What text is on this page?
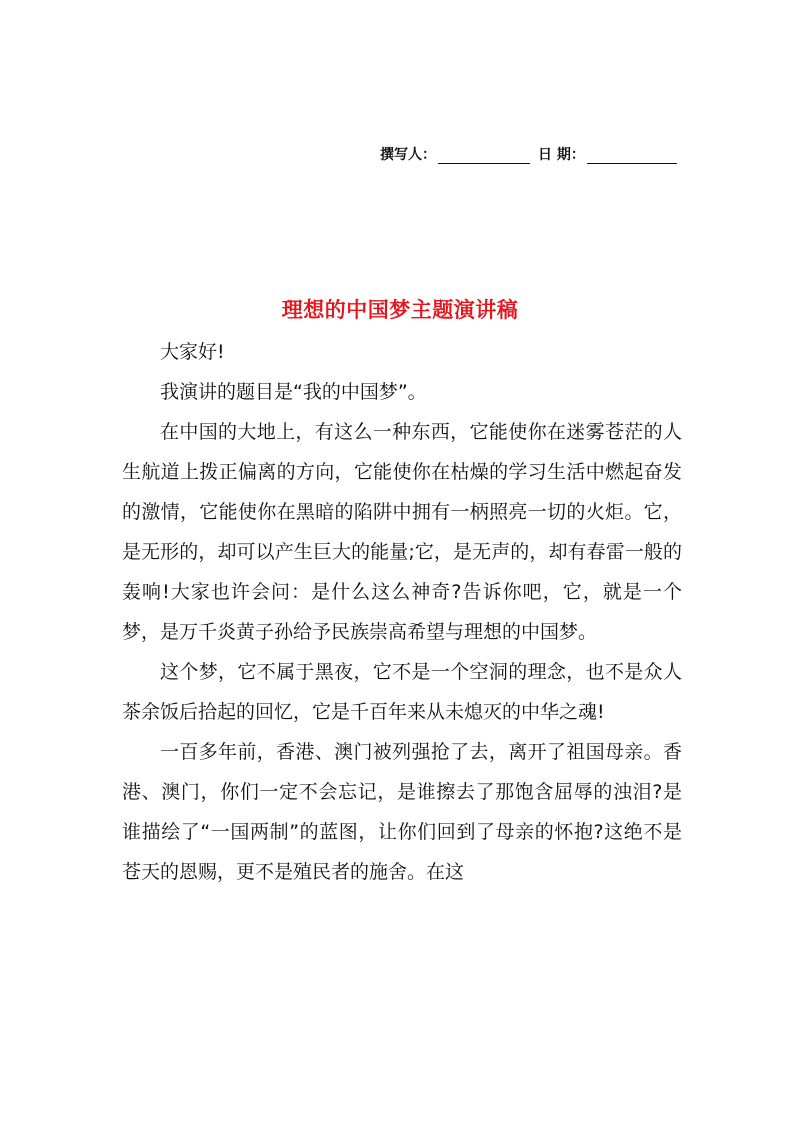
撰写人：	日 期：
理想的中国梦主题演讲稿

大家好!

我演讲的题目是“我的中国梦”。

在中国的大地上，有这么一种东西，它能使你在迷雾苍茫的人生航道上拨正偏离的方向，它能使你在枯燥的学习生活中燃起奋发的激情，它能使你在黑暗的陷阱中拥有一柄照亮一切的火炬。它，是无形的，却可以产生巨大的能量;它，是无声的，却有春雷一般的轰响!大家也许会问：是什么这么神奇?告诉你吧，它，就是一个梦，是万千炎黄子孙给予民族崇高希望与理想的中国梦。

这个梦，它不属于黑夜，它不是一个空洞的理念，也不是众人茶余饭后拾起的回忆，它是千百年来从未熄灭的中华之魂!

一百多年前，香港、澳门被列强抢了去，离开了祖国母亲。香港、澳门，你们一定不会忘记，是谁擦去了那饱含屈辱的浊泪?是谁描绘了“一国两制”的蓝图，让你们回到了母亲的怀抱?这绝不是苍天的恩赐，更不是殖民者的施舍。在这
